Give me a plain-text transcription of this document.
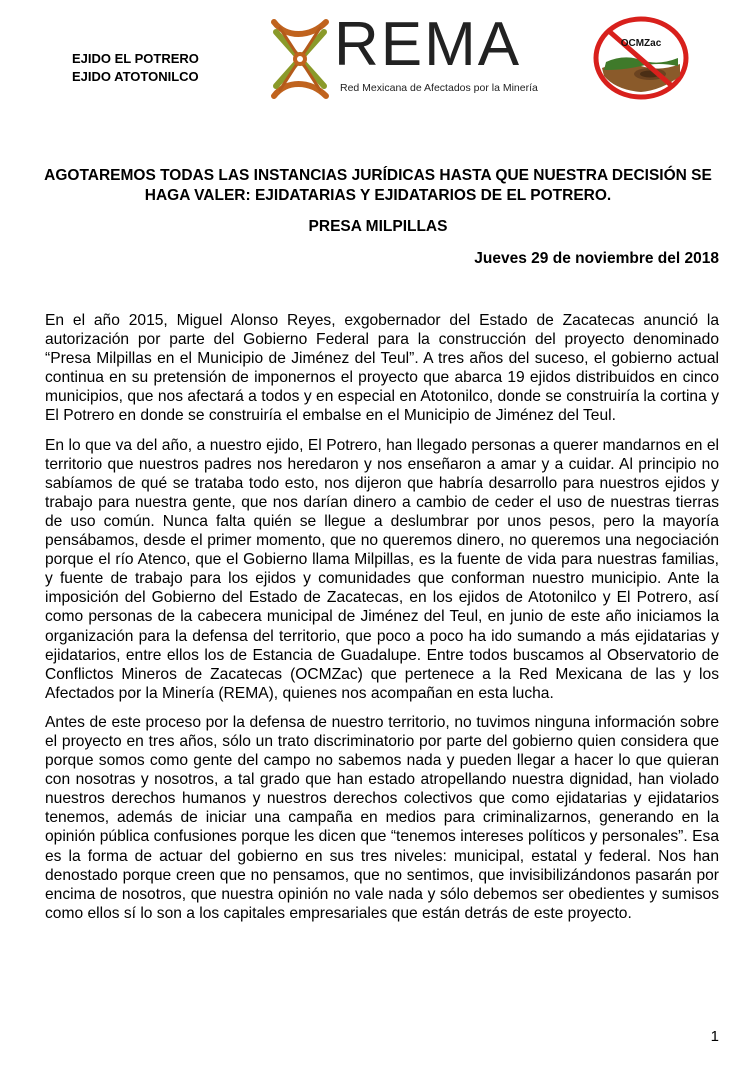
EJIDO EL POTRERO
EJIDO ATOTONILCO REMA
Red Mexicana de Afectados por la Minería
OCMZac
AGOTAREMOS TODAS LAS INSTANCIAS JURÍDICAS HASTA QUE NUESTRA DECISIÓN SE HAGA VALER: EJIDATARIAS Y EJIDATARIOS DE EL POTRERO.
PRESA MILPILLAS
Jueves 29 de noviembre del 2018

En el año 2015, Miguel Alonso Reyes, exgobernador del Estado de Zacatecas anunció la autorización por parte del Gobierno Federal para la construcción del proyecto denominado “Presa Milpillas en el Municipio de Jiménez del Teul”. A tres años del suceso, el gobierno actual continua en su pretensión de imponernos el proyecto que abarca 19 ejidos distribuidos en cinco municipios, que nos afectará a todos y en especial en Atotonilco, donde se construiría la cortina y El Potrero en donde se construiría el embalse en el Municipio de Jiménez del Teul.

En lo que va del año, a nuestro ejido, El Potrero, han llegado personas a querer mandarnos en el territorio que nuestros padres nos heredaron y nos enseñaron a amar y a cuidar. Al principio no sabíamos de qué se trataba todo esto, nos dijeron que habría desarrollo para nuestros ejidos y trabajo para nuestra gente, que nos darían dinero a cambio de ceder el uso de nuestras tierras de uso común. Nunca falta quién se llegue a deslumbrar por unos pesos, pero la mayoría pensábamos, desde el primer momento, que no queremos dinero, no queremos una negociación porque el río Atenco, que el Gobierno llama Milpillas, es la fuente de vida para nuestras familias, y fuente de trabajo para los ejidos y comunidades que conforman nuestro municipio. Ante la imposición del Gobierno del Estado de Zacatecas, en los ejidos de Atotonilco y El Potrero, así como personas de la cabecera municipal de Jiménez del Teul, en junio de este año iniciamos la organización para la defensa del territorio, que poco a poco ha ido sumando a más ejidatarias y ejidatarios, entre ellos los de Estancia de Guadalupe. Entre todos buscamos al Observatorio de Conflictos Mineros de Zacatecas (OCMZac) que pertenece a la Red Mexicana de las y los Afectados por la Minería (REMA), quienes nos acompañan en esta lucha.

Antes de este proceso por la defensa de nuestro territorio, no tuvimos ninguna información sobre el proyecto en tres años, sólo un trato discriminatorio por parte del gobierno quien considera que porque somos como gente del campo no sabemos nada y pueden llegar a hacer lo que quieran con nosotras y nosotros, a tal grado que han estado atropellando nuestra dignidad, han violado nuestros derechos humanos y nuestros derechos colectivos que como ejidatarias y ejidatarios tenemos, además de iniciar una campaña en medios para criminalizarnos, generando en la opinión pública confusiones porque les dicen que “tenemos intereses políticos y personales”. Esa es la forma de actuar del gobierno en sus tres niveles: municipal, estatal y federal. Nos han denostado porque creen que no pensamos, que no sentimos, que invisibilizándonos pasarán por encima de nosotros, que nuestra opinión no vale nada y sólo debemos ser obedientes y sumisos como ellos sí lo son a los capitales empresariales que están detrás de este proyecto.

1
